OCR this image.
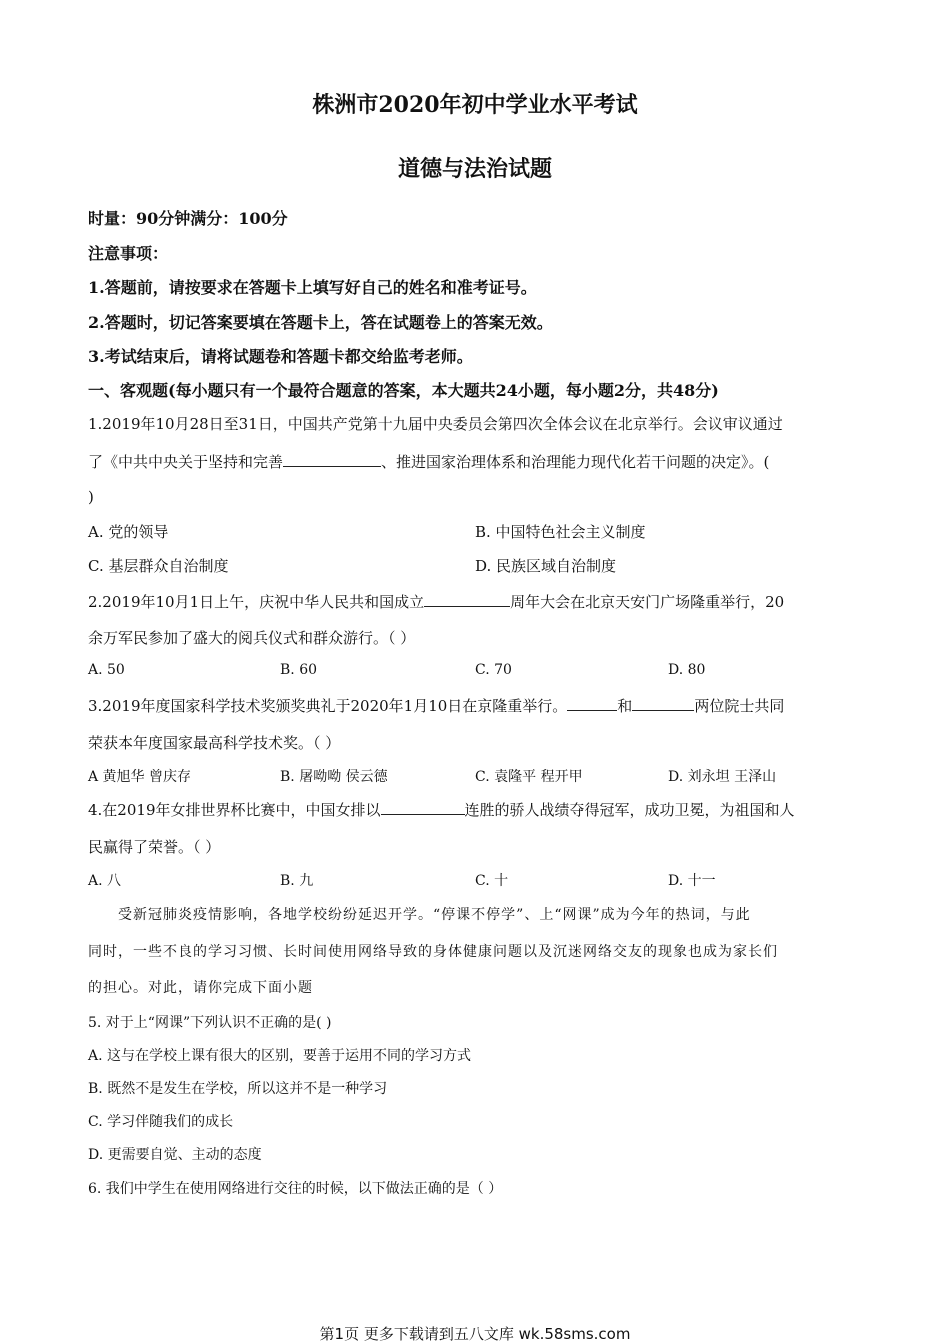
株洲市2020年初中学业水平考试
道德与法治试题
时量：90分钟满分：100分
注意事项：
1.答题前，请按要求在答题卡上填写好自己的姓名和准考证号。
2.答题时，切记答案要填在答题卡上，答在试题卷上的答案无效。
3.考试结束后，请将试题卷和答题卡都交给监考老师。
一、客观题(每小题只有一个最符合题意的答案，本大题共24小题，每小题2分，共48分)
1.2019年10月28日至31日，中国共产党第十九届中央委员会第四次全体会议在北京举行。会议审议通过
了《中共中央关于坚持和完善	、推进国家治理体系和治理能力现代化若干问题的决定》。(
)
A. 党的领导	B. 中国特色社会主义制度
C. 基层群众自治制度	D. 民族区域自治制度
2.2019年10月1日上午，庆祝中华人民共和国成立	周年大会在北京天安门广场隆重举行，20
余万军民参加了盛大的阅兵仪式和群众游行。（ ）
A. 50	B. 60	C. 70	D. 80
3.2019年度国家科学技术奖颁奖典礼于2020年1月10日在京隆重举行。	和	两位院士共同
荣获本年度国家最高科学技术奖。（ ）
A 黄旭华 曾庆存	B. 屠呦呦 侯云德	C. 袁隆平 程开甲	D. 刘永坦 王泽山
4.在2019年女排世界杯比赛中，中国女排以	连胜的骄人战绩夺得冠军，成功卫冕，为祖国和人
民赢得了荣誉。（ ）
A. 八	B. 九	C. 十	D. 十一
受新冠肺炎疫情影响，各地学校纷纷延迟开学。“停课不停学”、上“网课”成为今年的热词，与此
同时，一些不良的学习习惯、长时间使用网络导致的身体健康问题以及沉迷网络交友的现象也成为家长们
的担心。对此，请你完成下面小题
5. 对于上“网课”下列认识不正确的是( )
A. 这与在学校上课有很大的区别，要善于运用不同的学习方式
B. 既然不是发生在学校，所以这并不是一种学习
C. 学习伴随我们的成长
D. 更需要自觉、主动的态度
6. 我们中学生在使用网络进行交往的时候，以下做法正确的是（ ）
第1页 更多下载请到五八文库 wk.58sms.com
